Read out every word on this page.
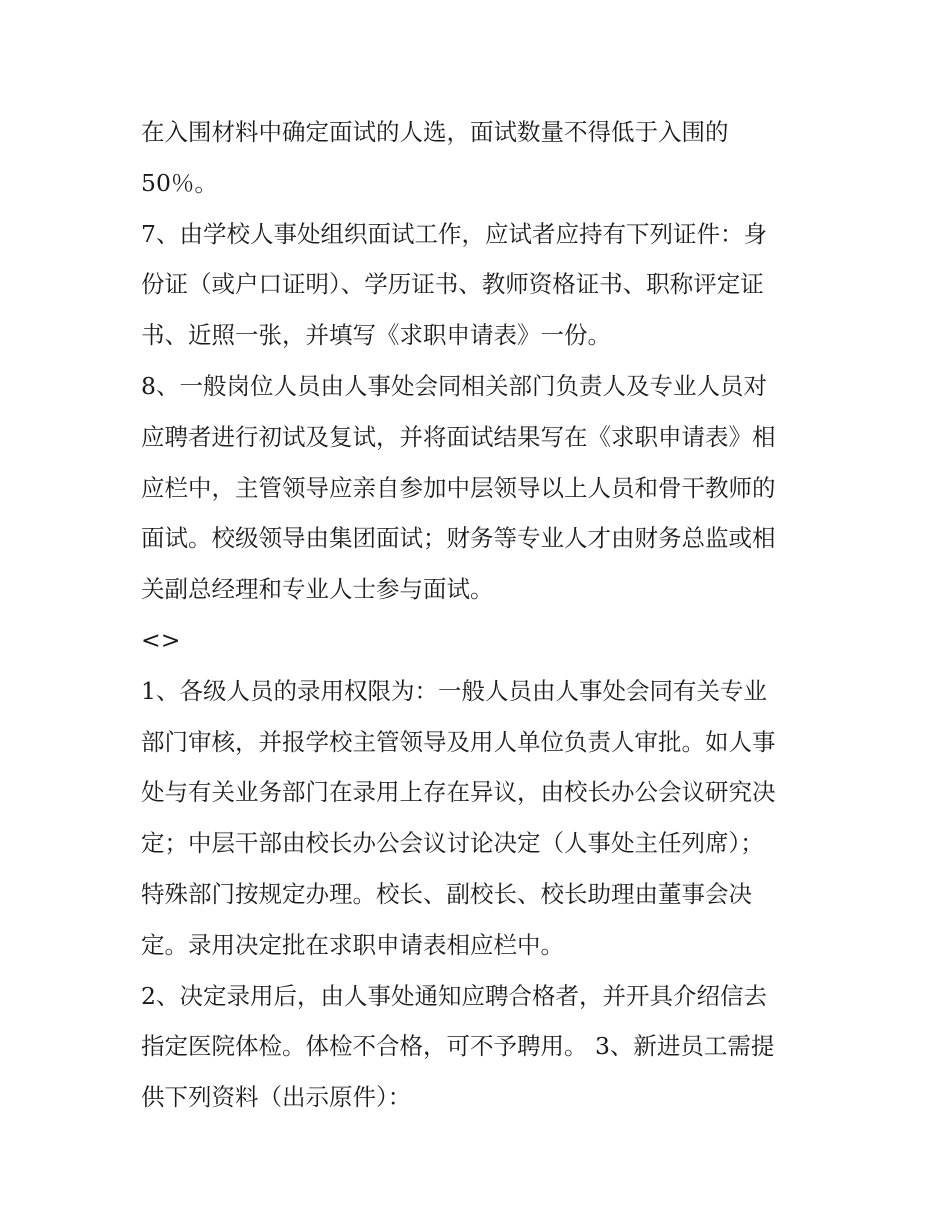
在入围材料中确定面试的人选，面试数量不得低于入围的
50％。
7、由学校人事处组织面试工作，应试者应持有下列证件：身
份证（或户口证明）、学历证书、教师资格证书、职称评定证
书、近照一张，并填写《求职申请表》一份。
8、一般岗位人员由人事处会同相关部门负责人及专业人员对
应聘者进行初试及复试，并将面试结果写在《求职申请表》相
应栏中，主管领导应亲自参加中层领导以上人员和骨干教师的
面试。校级领导由集团面试；财务等专业人才由财务总监或相
关副总经理和专业人士参与面试。
<>
1、各级人员的录用权限为：一般人员由人事处会同有关专业
部门审核，并报学校主管领导及用人单位负责人审批。如人事
处与有关业务部门在录用上存在异议，由校长办公会议研究决
定；中层干部由校长办公会议讨论决定（人事处主任列席）；
特殊部门按规定办理。校长、副校长、校长助理由董事会决
定。录用决定批在求职申请表相应栏中。
2、决定录用后，由人事处通知应聘合格者，并开具介绍信去
指定医院体检。体检不合格，可不予聘用。 3、新进员工需提
供下列资料（出示原件）：
